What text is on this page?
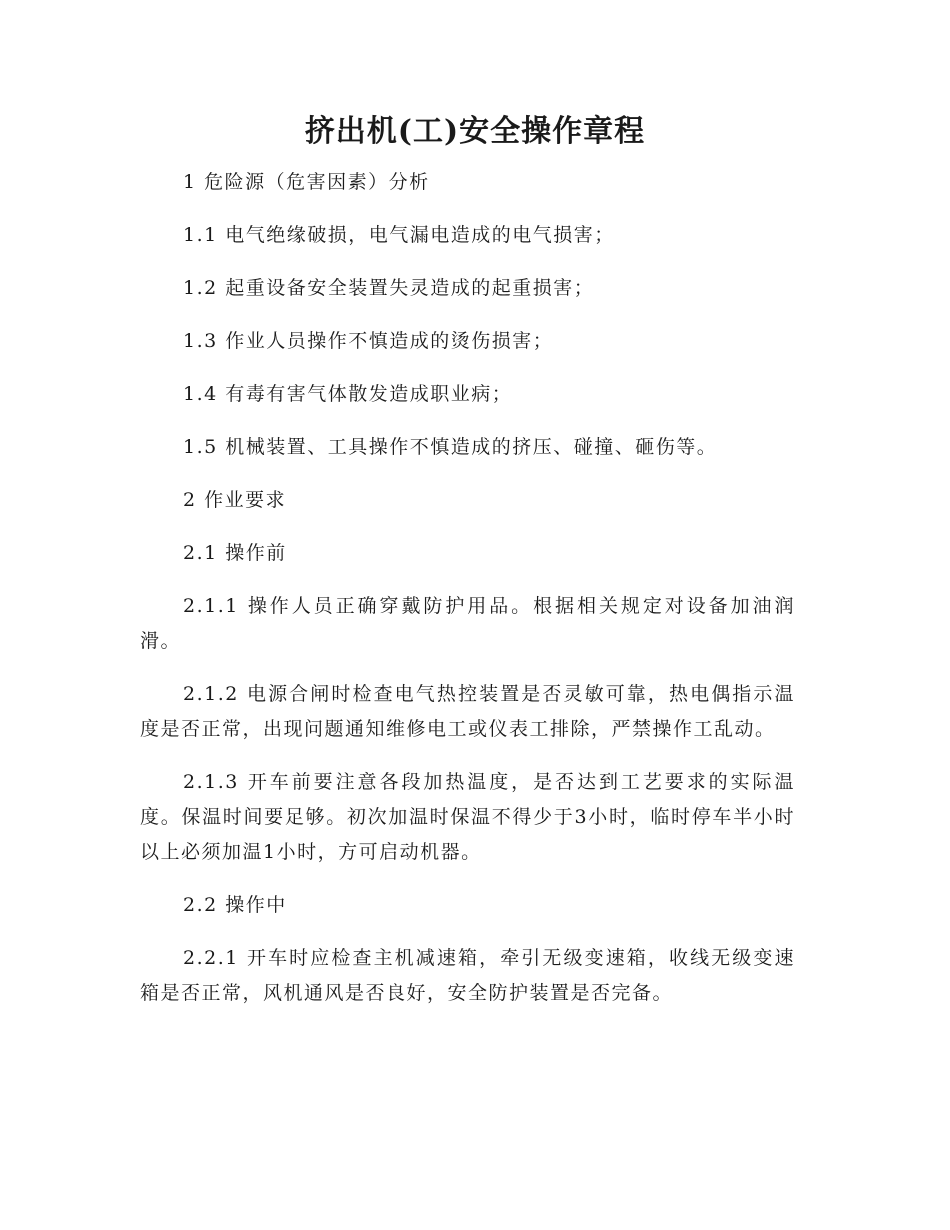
挤出机(工)安全操作章程

1 危险源（危害因素）分析

1.1 电气绝缘破损，电气漏电造成的电气损害；

1.2 起重设备安全装置失灵造成的起重损害；

1.3 作业人员操作不慎造成的烫伤损害；

1.4 有毒有害气体散发造成职业病；

1.5 机械装置、工具操作不慎造成的挤压、碰撞、砸伤等。

2 作业要求

2.1 操作前

2.1.1 操作人员正确穿戴防护用品。根据相关规定对设备加油润滑。

2.1.2 电源合闸时检查电气热控装置是否灵敏可靠，热电偶指示温度是否正常，出现问题通知维修电工或仪表工排除，严禁操作工乱动。

2.1.3 开车前要注意各段加热温度，是否达到工艺要求的实际温度。保温时间要足够。初次加温时保温不得少于3小时，临时停车半小时以上必须加温1小时，方可启动机器。

2.2 操作中

2.2.1 开车时应检查主机减速箱，牵引无级变速箱，收线无级变速箱是否正常，风机通风是否良好，安全防护装置是否完备。
